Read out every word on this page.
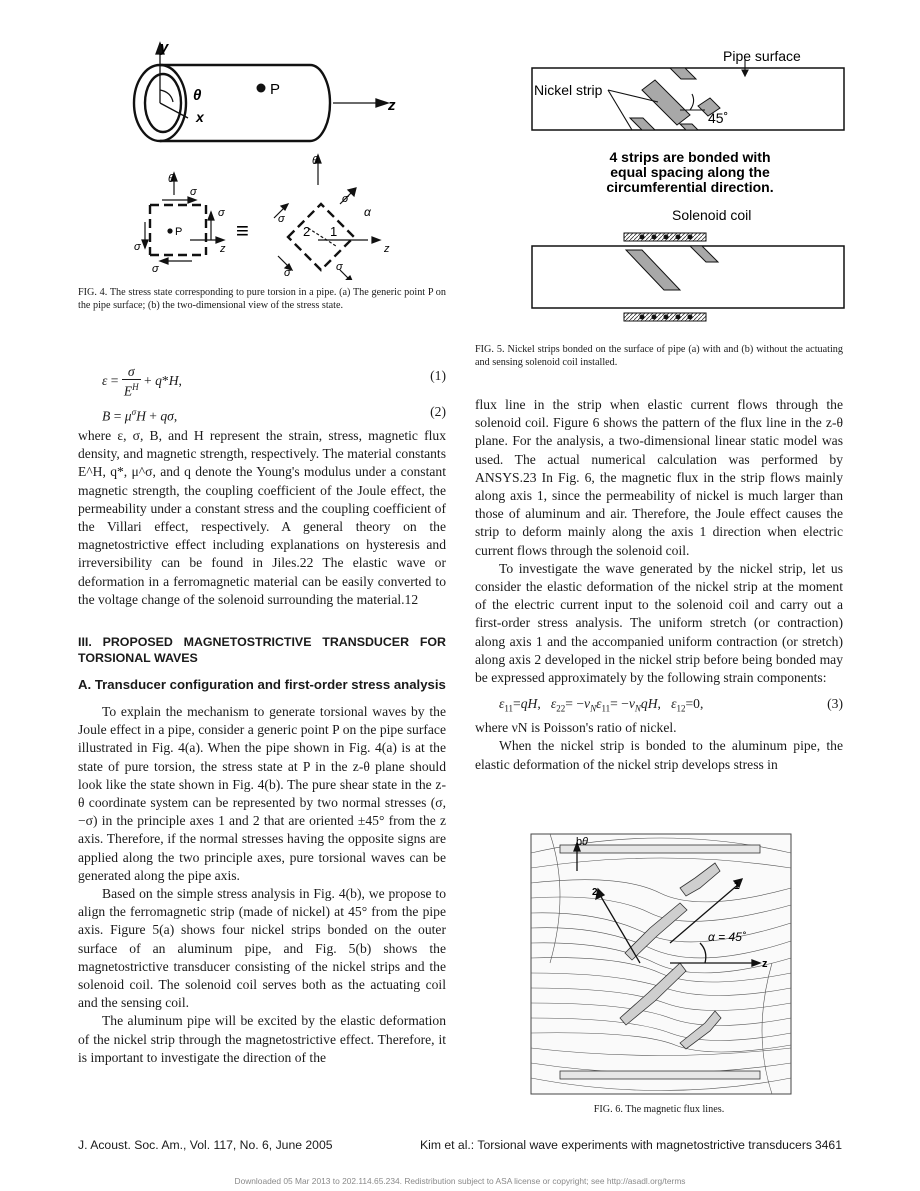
y
θ	P
z
x
θ
σ
σ
σ
σ
P
z
≡
θ
σ
σ
σ	σ
2 1
α
z
FIG. 4. The stress state corresponding to pure torsion in a pipe. (a) The generic point P on the pipe surface; (b) the two-dimensional view of the stress state.
Pipe surface
Nickel strip
45˚
4 strips are bonded with
equal spacing along the
circumferential direction.
Solenoid coil
FIG. 5. Nickel strips bonded on the surface of pipe (a) with and (b) without the actuating and sensing solenoid coil installed.
$\varepsilon = \frac{\sigma}{E^H} + q*H$,	(1)
$B = \mu^\sigma H + q\sigma$,	(2)

where ε, σ, B, and H represent the strain, stress, magnetic flux density, and magnetic strength, respectively. The material constants E^H, q*, μ^σ, and q denote the Young's modulus under a constant magnetic strength, the coupling coefficient of the Joule effect, the permeability under a constant stress and the coupling coefficient of the Villari effect, respectively. A general theory on the magnetostrictive effect including explanations on hysteresis and irreversibility can be found in Jiles.22 The elastic wave or deformation in a ferromagnetic material can be easily converted to the voltage change of the solenoid surrounding the material.12

III. PROPOSED MAGNETOSTRICTIVE TRANSDUCER FOR TORSIONAL WAVES
A. Transducer configuration and first-order stress analysis

To explain the mechanism to generate torsional waves by the Joule effect in a pipe, consider a generic point P on the pipe surface illustrated in Fig. 4(a). When the pipe shown in Fig. 4(a) is at the state of pure torsion, the stress state at P in the z-θ plane should look like the state shown in Fig. 4(b). The pure shear state in the z-θ coordinate system can be represented by two normal stresses (σ,−σ) in the principle axes 1 and 2 that are oriented ±45° from the z axis. Therefore, if the normal stresses having the opposite signs are applied along the two principle axes, pure torsional waves can be generated along the pipe axis.

Based on the simple stress analysis in Fig. 4(b), we propose to align the ferromagnetic strip (made of nickel) at 45° from the pipe axis. Figure 5(a) shows four nickel strips bonded on the outer surface of an aluminum pipe, and Fig. 5(b) shows the magnetostrictive transducer consisting of the nickel strips and the solenoid coil. The solenoid coil serves both as the actuating coil and the sensing coil.

The aluminum pipe will be excited by the elastic deformation of the nickel strip through the magnetostrictive effect. Therefore, it is important to investigate the direction of the

flux line in the strip when elastic current flows through the solenoid coil. Figure 6 shows the pattern of the flux line in the z-θ plane. For the analysis, a two-dimensional linear static model was used. The actual numerical calculation was performed by ANSYS.23 In Fig. 6, the magnetic flux in the strip flows mainly along axis 1, since the permeability of nickel is much larger than those of aluminum and air. Therefore, the Joule effect causes the strip to deform mainly along the axis 1 direction when electric current flows through the solenoid coil.

To investigate the wave generated by the nickel strip, let us consider the elastic deformation of the nickel strip at the moment of the electric current input to the solenoid coil and carry out a first-order stress analysis. The uniform stretch (or contraction) along axis 1 and the accompanied uniform contraction (or stretch) along axis 2 developed in the nickel strip before being bonded may be expressed approximately by the following strain components:

$\varepsilon_{11}=qH$,   $\varepsilon_{22}= -\nu_N\varepsilon_{11}= -\nu_NqH$,   $\varepsilon_{12}=0$,	(3)

where νN is Poisson's ratio of nickel.

When the nickel strip is bonded to the aluminum pipe, the elastic deformation of the nickel strip develops stress in

b θ
2
1
α = 45˚
z
FIG. 6. The magnetic flux lines.
J. Acoust. Soc. Am., Vol. 117, No. 6, June 2005	Kim et al.: Torsional wave experiments with magnetostrictive transducers 3461
Downloaded 05 Mar 2013 to 202.114.65.234. Redistribution subject to ASA license or copyright; see http://asadl.org/terms
